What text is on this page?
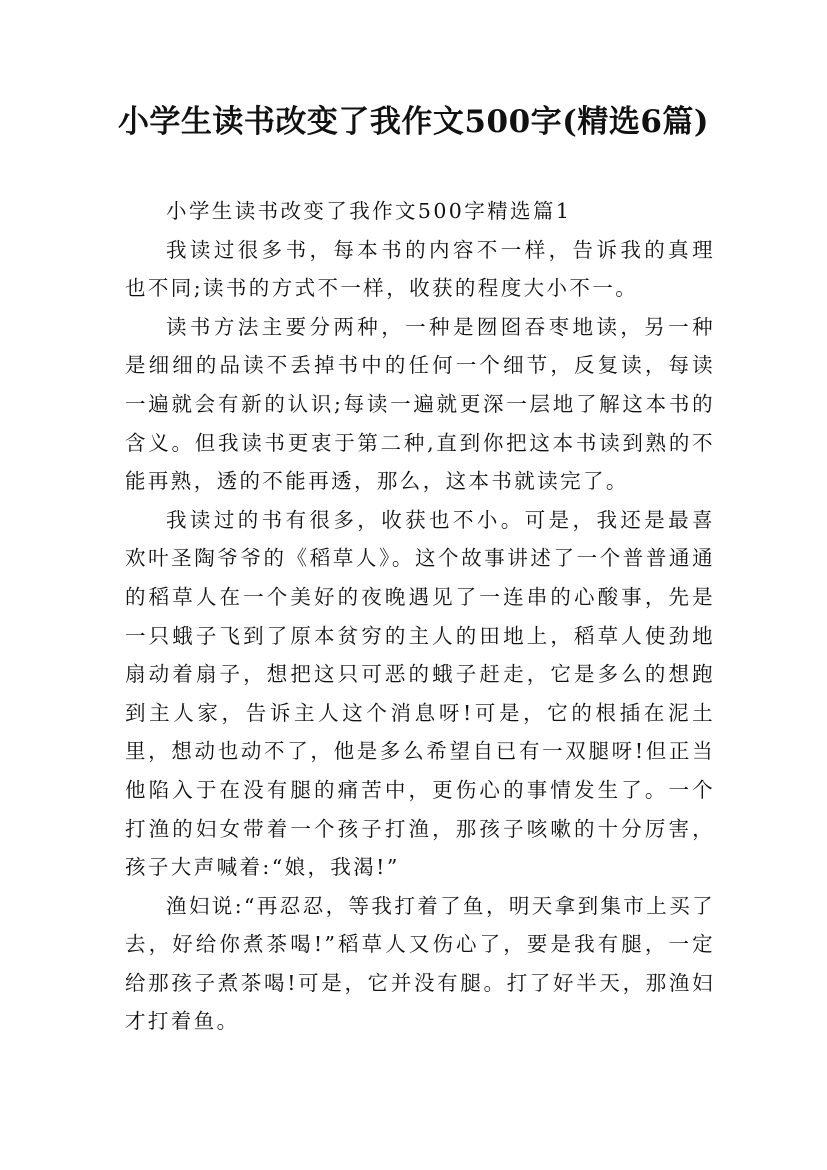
小学生读书改变了我作文500字(精选6篇)

小学生读书改变了我作文500字精选篇1

我读过很多书，每本书的内容不一样，告诉我的真理也不同;读书的方式不一样，收获的程度大小不一。

读书方法主要分两种，一种是囫囵吞枣地读，另一种是细细的品读不丢掉书中的任何一个细节，反复读，每读一遍就会有新的认识;每读一遍就更深一层地了解这本书的含义。但我读书更衷于第二种,直到你把这本书读到熟的不能再熟，透的不能再透，那么，这本书就读完了。

我读过的书有很多，收获也不小。可是，我还是最喜欢叶圣陶爷爷的《稻草人》。这个故事讲述了一个普普通通的稻草人在一个美好的夜晚遇见了一连串的心酸事，先是一只蛾子飞到了原本贫穷的主人的田地上，稻草人使劲地扇动着扇子，想把这只可恶的蛾子赶走，它是多么的想跑到主人家，告诉主人这个消息呀!可是，它的根插在泥土里，想动也动不了，他是多么希望自已有一双腿呀!但正当他陷入于在没有腿的痛苦中，更伤心的事情发生了。一个打渔的妇女带着一个孩子打渔，那孩子咳嗽的十分厉害，孩子大声喊着:“娘，我渴!”

渔妇说:“再忍忍，等我打着了鱼，明天拿到集市上买了去，好给你煮茶喝!”稻草人又伤心了，要是我有腿，一定给那孩子煮茶喝!可是，它并没有腿。打了好半天，那渔妇才打着鱼。
